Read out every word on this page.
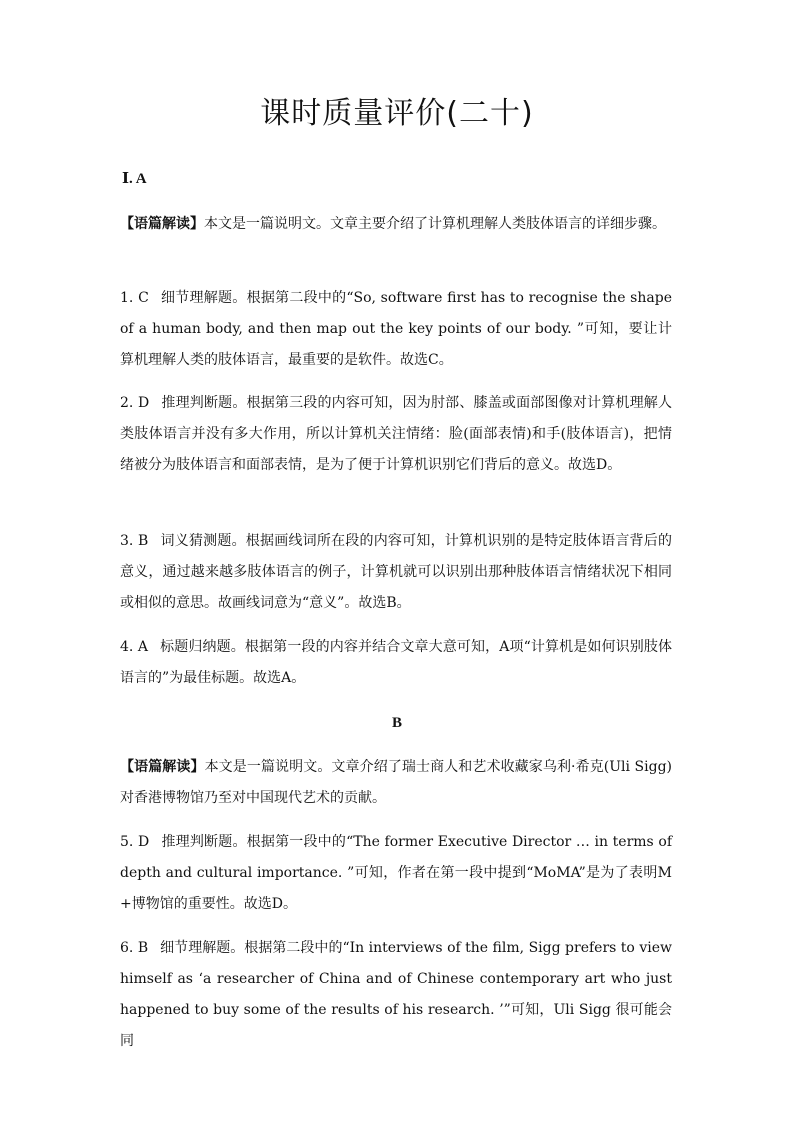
课时质量评价(二十)
Ⅰ. A

【语篇解读】本文是一篇说明文。文章主要介绍了计算机理解人类肢体语言的详细步骤。

1. C 细节理解题。根据第二段中的“So, software first has to recognise the shape of a human body, and then map out the key points of our body. ”可知，要让计算机理解人类的肢体语言，最重要的是软件。故选C。

2. D 推理判断题。根据第三段的内容可知，因为肘部、膝盖或面部图像对计算机理解人类肢体语言并没有多大作用，所以计算机关注情绪：脸(面部表情)和手(肢体语言)，把情绪被分为肢体语言和面部表情，是为了便于计算机识别它们背后的意义。故选D。

3. B 词义猜测题。根据画线词所在段的内容可知，计算机识别的是特定肢体语言背后的意义，通过越来越多肢体语言的例子，计算机就可以识别出那种肢体语言情绪状况下相同或相似的意思。故画线词意为“意义”。故选B。

4. A 标题归纳题。根据第一段的内容并结合文章大意可知，A项“计算机是如何识别肢体语言的”为最佳标题。故选A。

B

【语篇解读】本文是一篇说明文。文章介绍了瑞士商人和艺术收藏家乌利·希克(Uli Sigg)对香港博物馆乃至对中国现代艺术的贡献。

5. D 推理判断题。根据第一段中的“The former Executive Director … in terms of depth and cultural importance. ”可知，作者在第一段中提到“MoMA”是为了表明M+博物馆的重要性。故选D。

6. B 细节理解题。根据第二段中的“In interviews of the film, Sigg prefers to view himself as ‘a researcher of China and of Chinese contemporary art who just happened to buy some of the results of his research. ’”可知，Uli Sigg 很可能会同
